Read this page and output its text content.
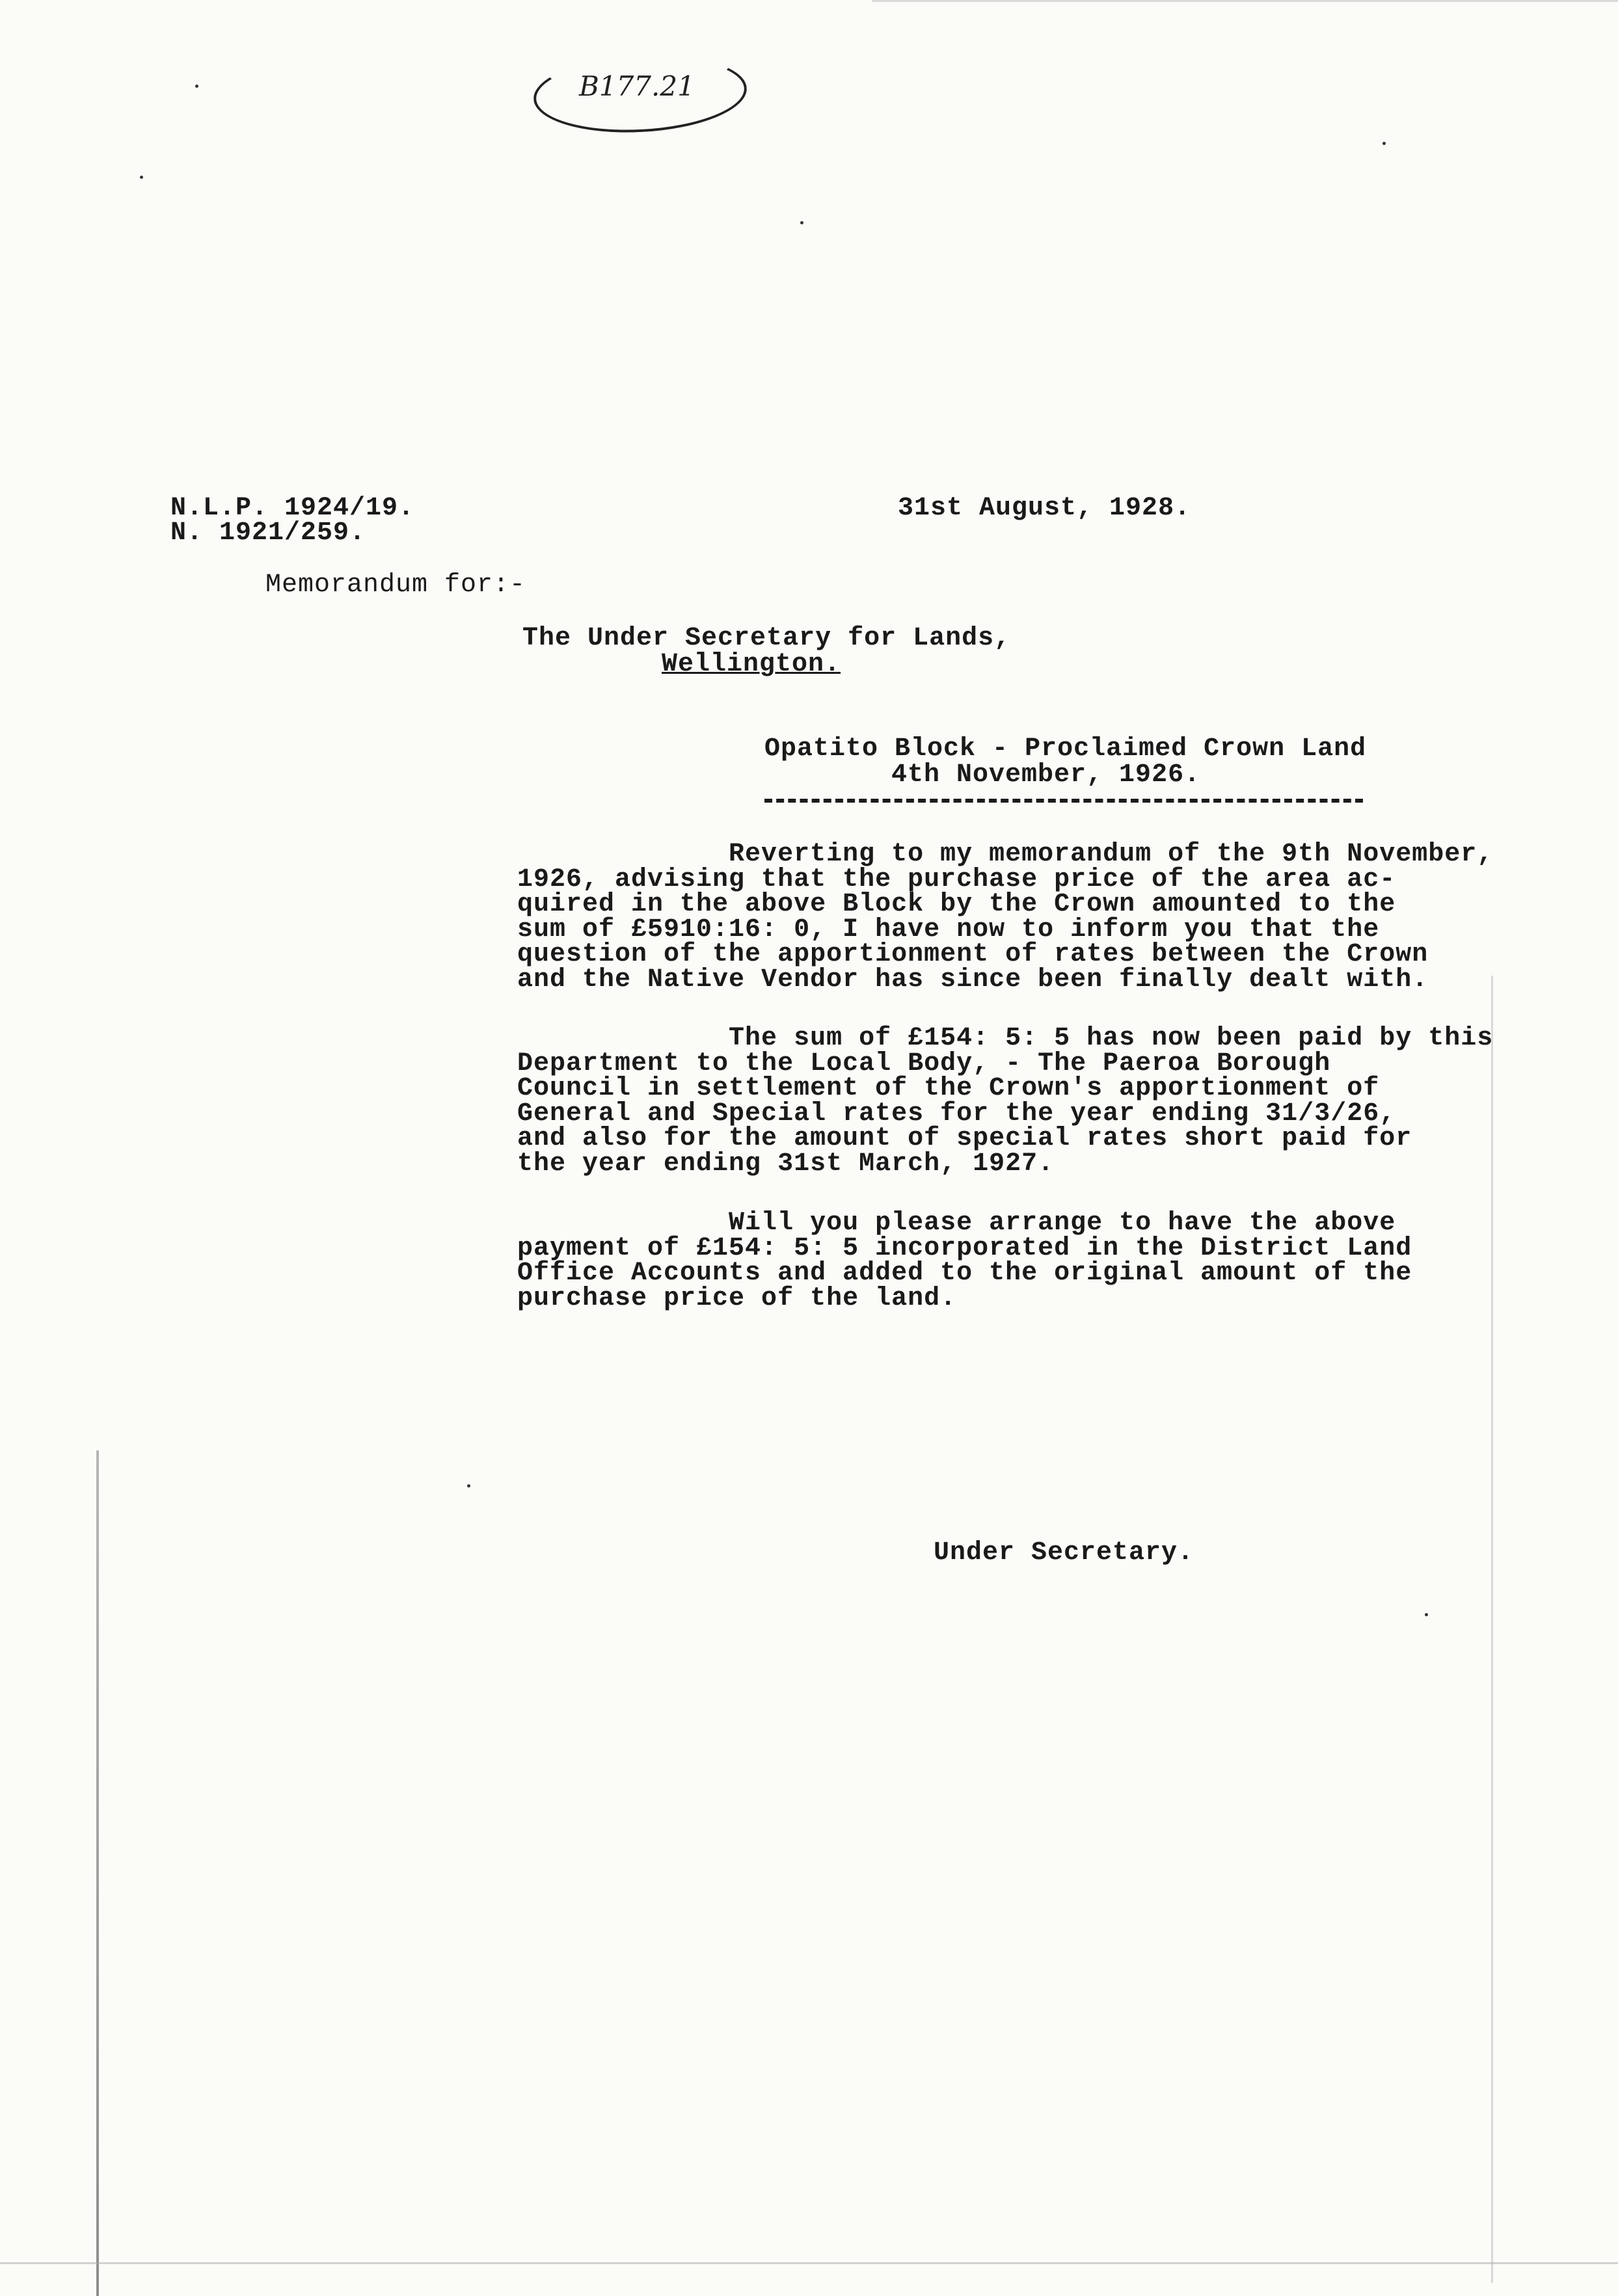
B177.21
N.L.P. 1924/19.
N. 1921/259.
31st August, 1928.
Memorandum for:-
The Under Secretary for Lands,
Wellington.
Opatito Block - Proclaimed Crown Land
4th November, 1926.
Reverting to my memorandum of the 9th November,
1926, advising that the purchase price of the area ac-
quired in the above Block by the Crown amounted to the
sum of £5910:16: 0, I have now to inform you that the
question of the apportionment of rates between the Crown
and the Native Vendor has since been finally dealt with.
The sum of £154: 5: 5 has now been paid by this
Department to the Local Body, - The Paeroa Borough
Council in settlement of the Crown's apportionment of
General and Special rates for the year ending 31/3/26,
and also for the amount of special rates short paid for
the year ending 31st March, 1927.
Will you please arrange to have the above
payment of £154: 5: 5 incorporated in the District Land
Office Accounts and added to the original amount of the
purchase price of the land.
Under Secretary.
